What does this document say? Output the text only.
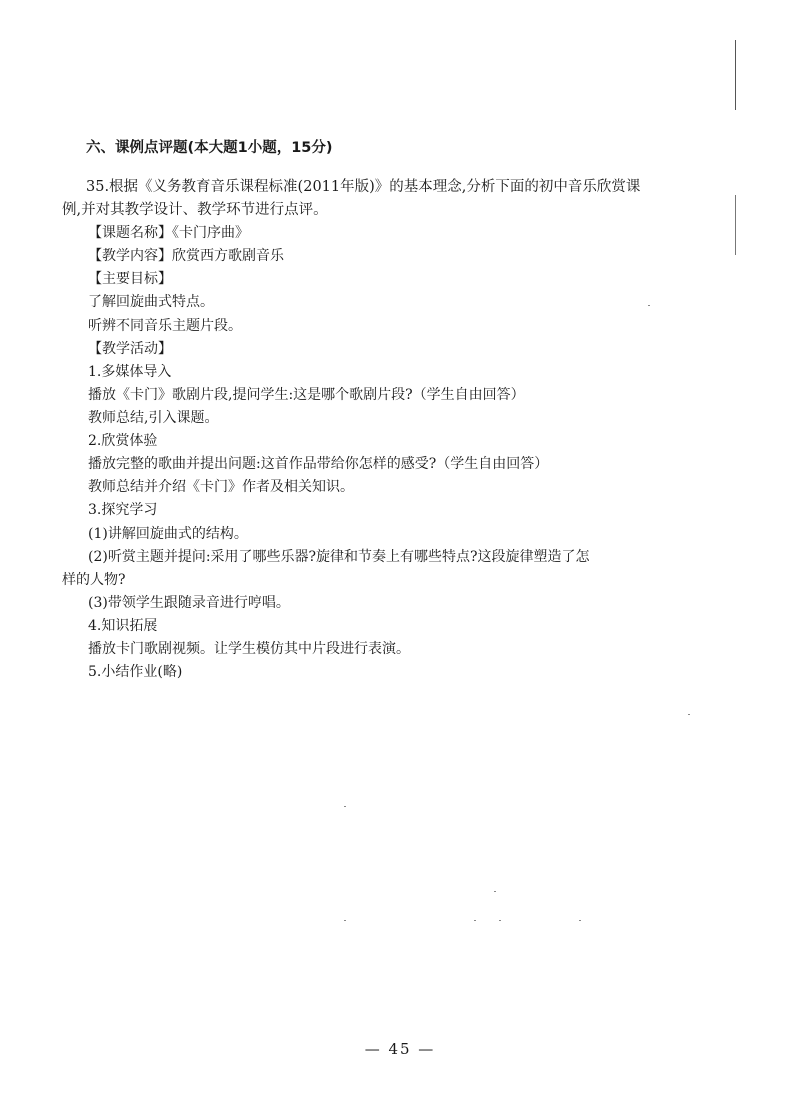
六、课例点评题(本大题1小题，15分)
35.根据《义务教育音乐课程标准(2011年版)》的基本理念,分析下面的初中音乐欣赏课
例,并对其教学设计、教学环节进行点评。
【课题名称】《卡门序曲》
【教学内容】欣赏西方歌剧音乐
【主要目标】
了解回旋曲式特点。
听辨不同音乐主题片段。
【教学活动】
1.多媒体导入
播放《卡门》歌剧片段,提问学生:这是哪个歌剧片段?（学生自由回答）
教师总结,引入课题。
2.欣赏体验
播放完整的歌曲并提出问题:这首作品带给你怎样的感受?（学生自由回答）
教师总结并介绍《卡门》作者及相关知识。
3.探究学习
(1)讲解回旋曲式的结构。
(2)听赏主题并提问:采用了哪些乐器?旋律和节奏上有哪些特点?这段旋律塑造了怎
样的人物?
(3)带领学生跟随录音进行哼唱。
4.知识拓展
播放卡门歌剧视频。让学生模仿其中片段进行表演。
5.小结作业(略)
— 45 —
